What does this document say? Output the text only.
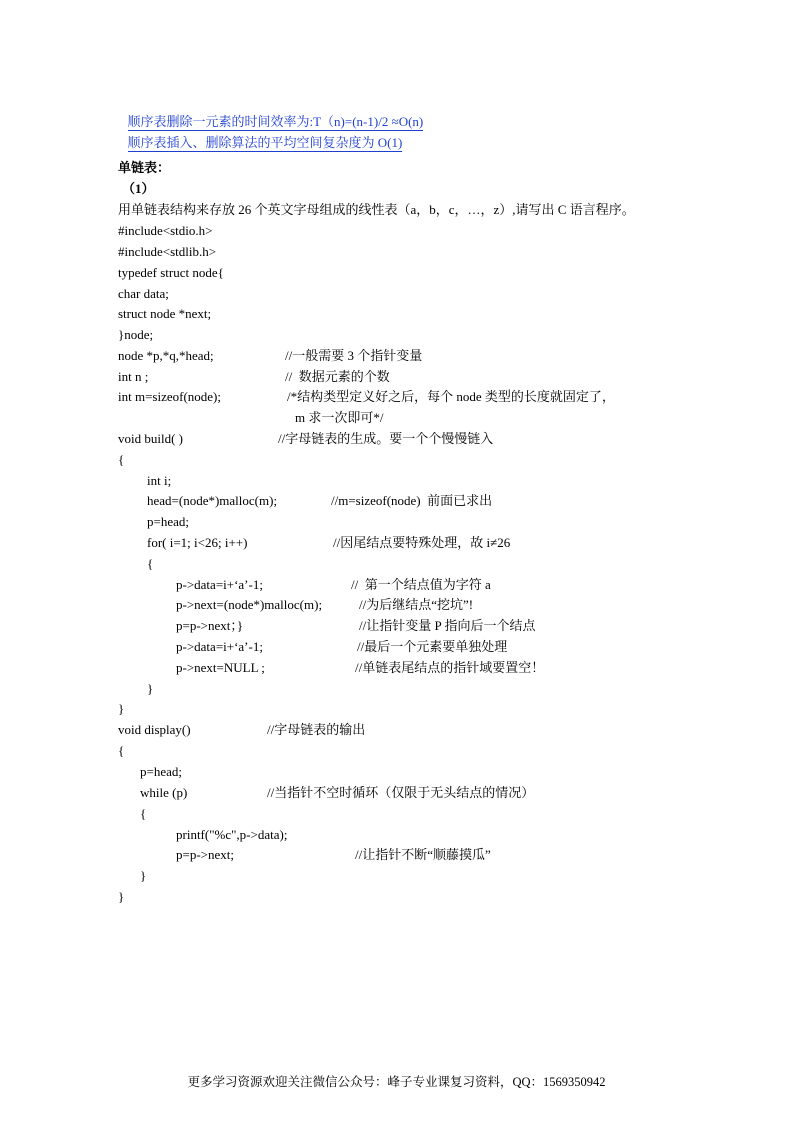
顺序表删除一元素的时间效率为:T（n)=(n-1)/2 ≈O(n)

顺序表插入、删除算法的平均空间复杂度为 O(1)

单链表：
（1）
用单链表结构来存放 26 个英文字母组成的线性表（a，b，c，…，z）,请写出 C 语言程序。
#include<stdio.h>
#include<stdlib.h>
typedef struct node{
char data;
struct node *next;
}node;
node *p,*q,*head;	//一般需要 3 个指针变量
int n ;	//  数据元素的个数
int m=sizeof(node);	/*结构类型定义好之后，每个 node 类型的长度就固定了，
m 求一次即可*/
void build( )	//字母链表的生成。要一个个慢慢链入
{
int i;
head=(node*)malloc(m);	//m=sizeof(node)  前面已求出
p=head;
for( i=1; i<26; i++)	//因尾结点要特殊处理，故 i≠26
{
p->data=i+‘a’-1;	//  第一个结点值为字符 a
p->next=(node*)malloc(m);	//为后继结点“挖坑”!
p=p->next；}	//让指针变量 P 指向后一个结点
p->data=i+‘a’-1;	//最后一个元素要单独处理
p->next=NULL ;	//单链表尾结点的指针域要置空！
}
}
void display()	//字母链表的输出
{
p=head;
while (p)	//当指针不空时循环（仅限于无头结点的情况）
{
printf("%c",p->data);
p=p->next;	//让指针不断“顺藤摸瓜”
}
}
更多学习资源欢迎关注微信公众号：峰子专业课复习资料，QQ：1569350942
